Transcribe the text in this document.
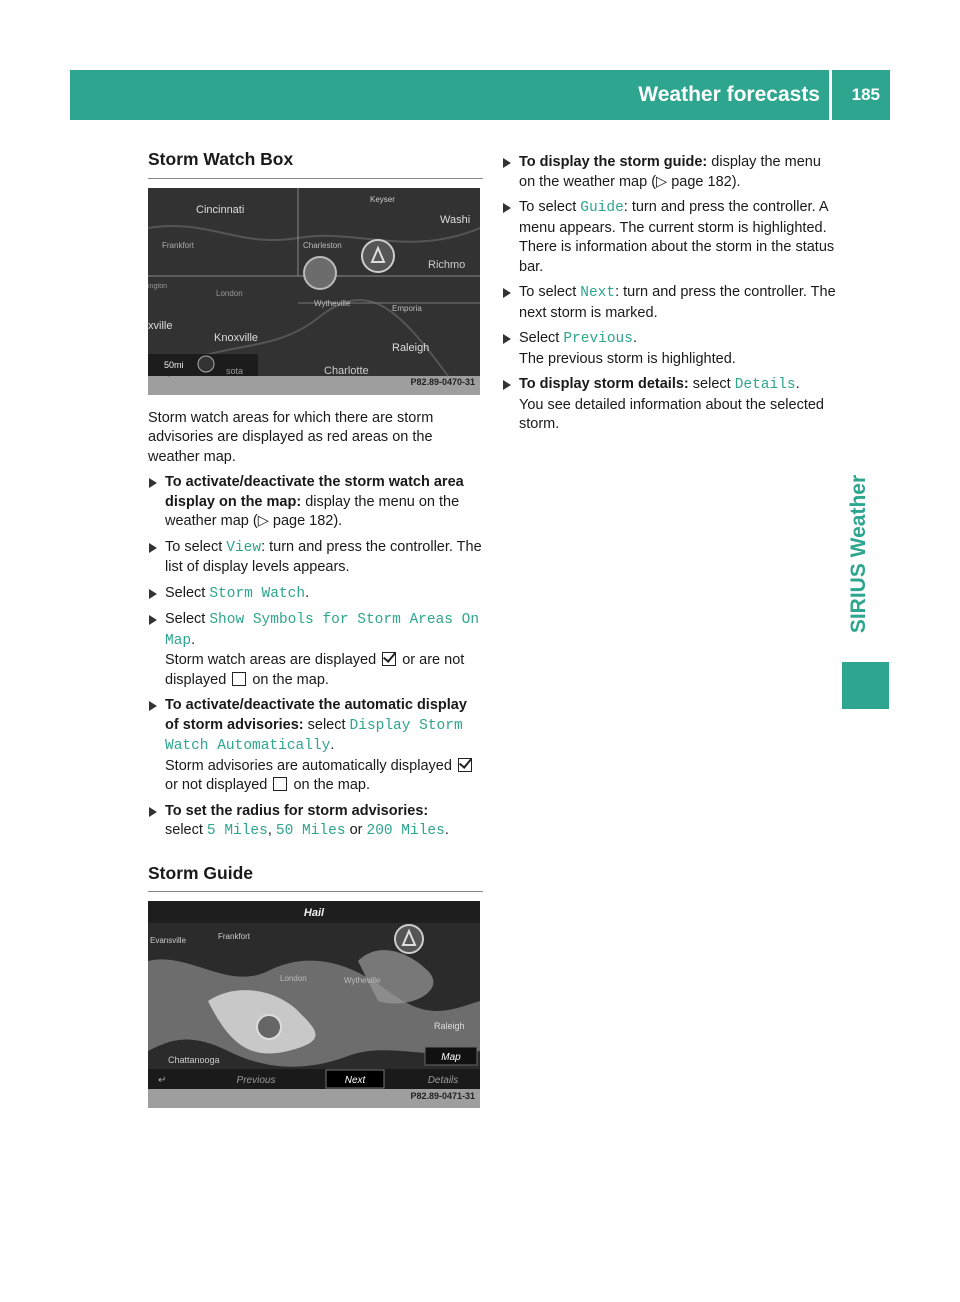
Weather forecasts 185
SIRIUS Weather
Storm Watch Box
50mi
Cincinnati
Keyser
Washi
Frankfort	Charleston
Richmo
London
Wytheville
Emporia
xville
Knoxville
Raleigh
Charlotte
ington
sota
P82.89-0470-31

Storm watch areas for which there are storm advisories are displayed as red areas on the weather map.

To activate/deactivate the storm watch area display on the map: display the menu on the weather map (▷ page 182).
To select View: turn and press the controller. The list of display levels appears.
Select Storm Watch.
Select Show Symbols for Storm Areas On Map.
Storm watch areas are displayed or are not displayed on the map.
To activate/deactivate the automatic display of storm advisories: select Display Storm Watch Automatically.
Storm advisories are automatically displayed  or not displayed on the map.
To set the radius for storm advisories:
select 5 Miles, 50 Miles or 200 Miles.
Storm Guide
Hail
Evansville	Frankfort
London	Wytheville
Raleigh
Chattanooga	Map
↵	Previous	Next	Details
P82.89-0471-31
To display the storm guide: display the menu on the weather map (▷ page 182).
To select Guide: turn and press the controller. A menu appears. The current storm is highlighted. There is information about the storm in the status bar.
To select Next: turn and press the controller. The next storm is marked.
Select Previous.
The previous storm is highlighted.
To display storm details: select Details.
You see detailed information about the selected storm.
